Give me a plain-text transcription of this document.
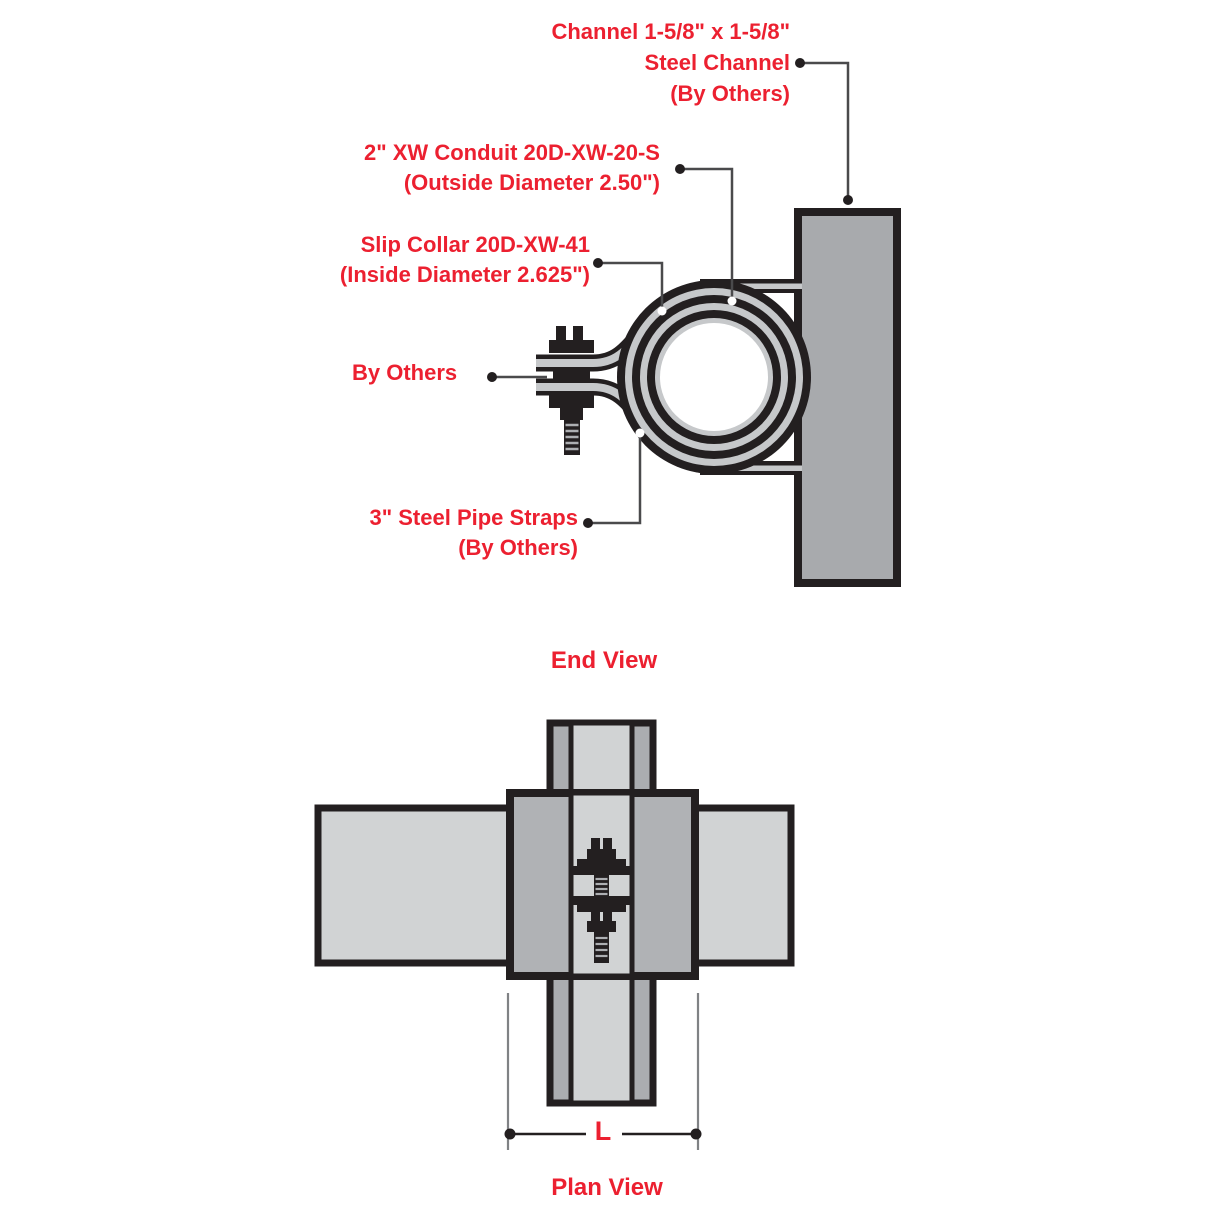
Channel 1-5/8" x 1-5/8"
Steel Channel
(By Others)
2" XW Conduit 20D-XW-20-S
(Outside Diameter 2.50")
Slip Collar 20D-XW-41
(Inside Diameter 2.625")
By Others
3" Steel Pipe Straps
(By Others)
End View
L
Plan View
